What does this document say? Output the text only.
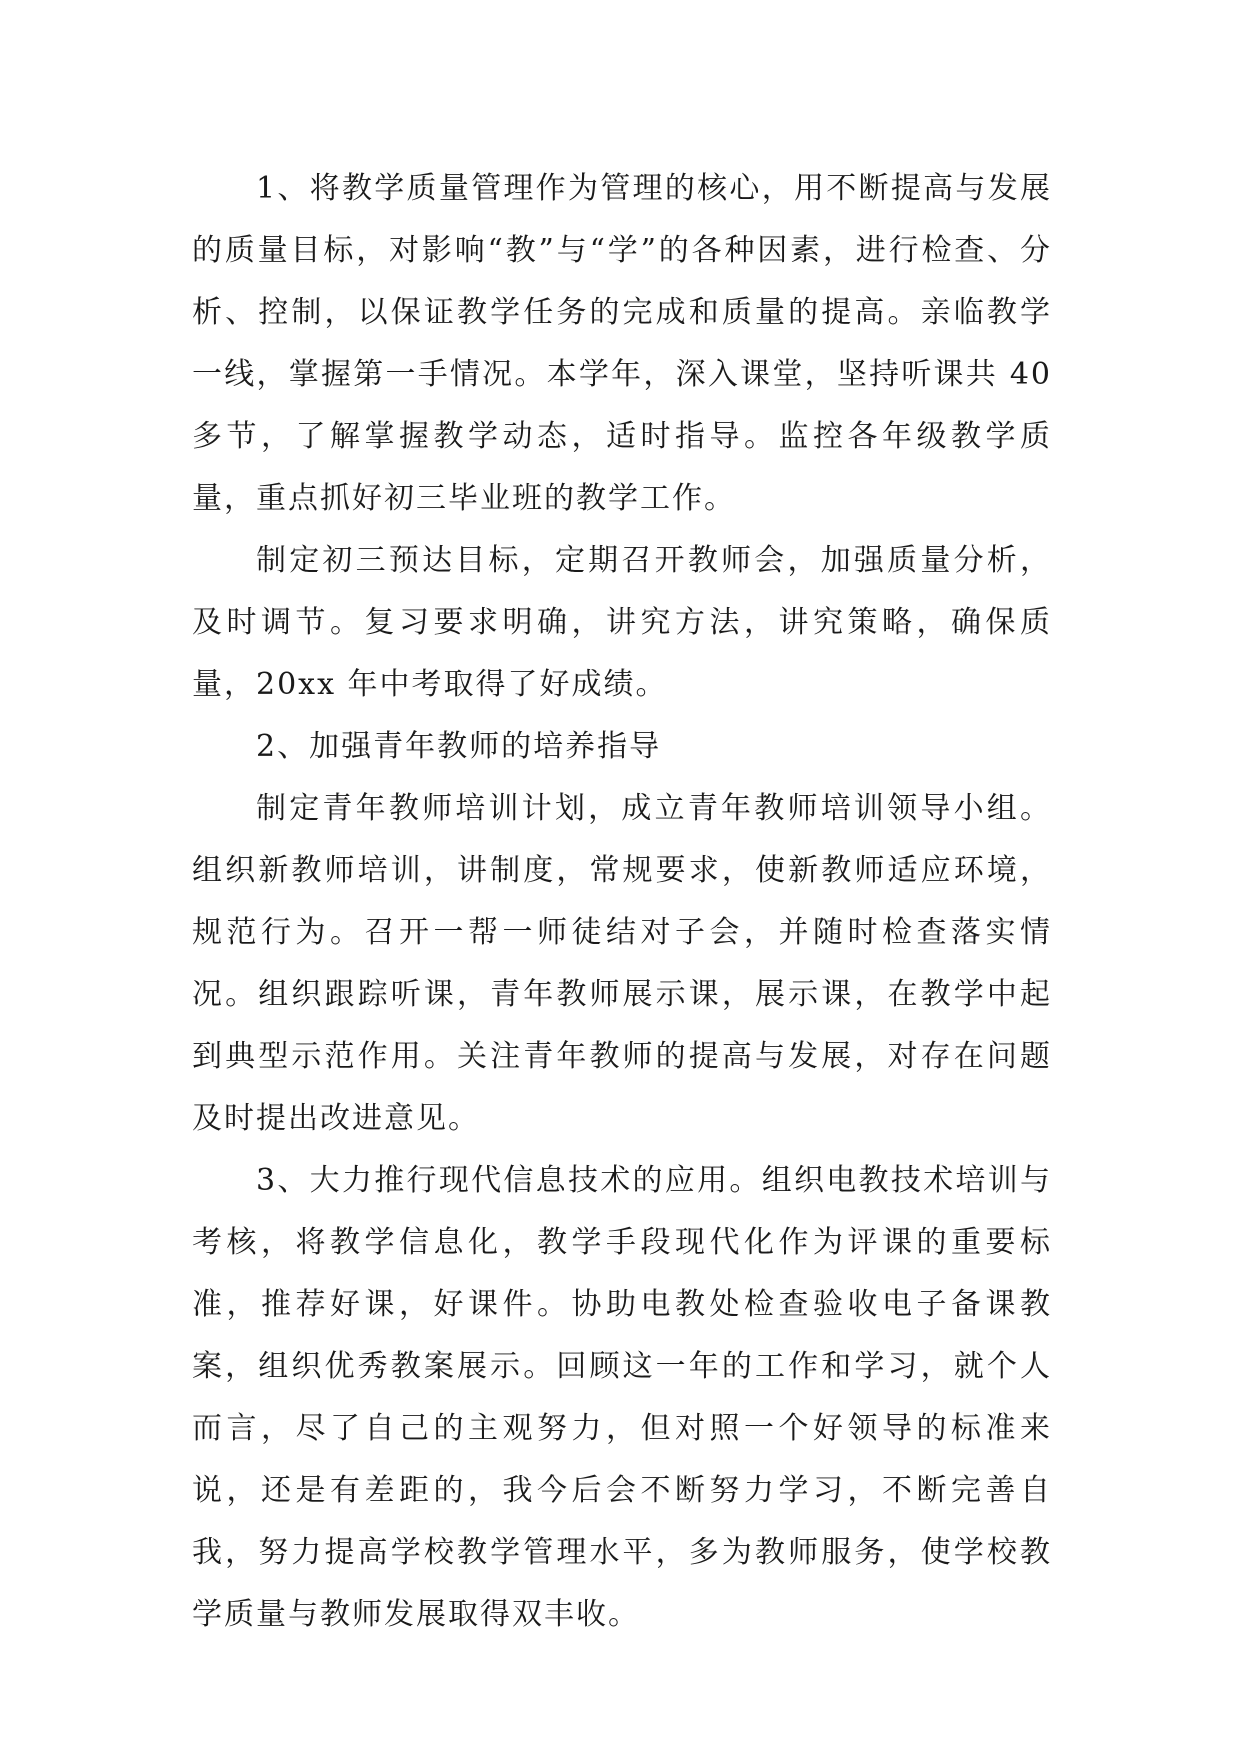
1、将教学质量管理作为管理的核心，用不断提高与发展的质量目标，对影响“教”与“学”的各种因素，进行检查、分析、控制，以保证教学任务的完成和质量的提高。亲临教学一线，掌握第一手情况。本学年，深入课堂，坚持听课共 40 多节，了解掌握教学动态，适时指导。监控各年级教学质量，重点抓好初三毕业班的教学工作。

制定初三预达目标，定期召开教师会，加强质量分析，及时调节。复习要求明确，讲究方法，讲究策略，确保质量，20xx 年中考取得了好成绩。

2、加强青年教师的培养指导

制定青年教师培训计划，成立青年教师培训领导小组。组织新教师培训，讲制度，常规要求，使新教师适应环境，规范行为。召开一帮一师徒结对子会，并随时检查落实情况。组织跟踪听课，青年教师展示课，展示课，在教学中起到典型示范作用。关注青年教师的提高与发展，对存在问题及时提出改进意见。

3、大力推行现代信息技术的应用。组织电教技术培训与考核，将教学信息化，教学手段现代化作为评课的重要标准，推荐好课，好课件。协助电教处检查验收电子备课教案，组织优秀教案展示。回顾这一年的工作和学习，就个人而言，尽了自己的主观努力，但对照一个好领导的标准来说，还是有差距的，我今后会不断努力学习，不断完善自我，努力提高学校教学管理水平，多为教师服务，使学校教学质量与教师发展取得双丰收。
